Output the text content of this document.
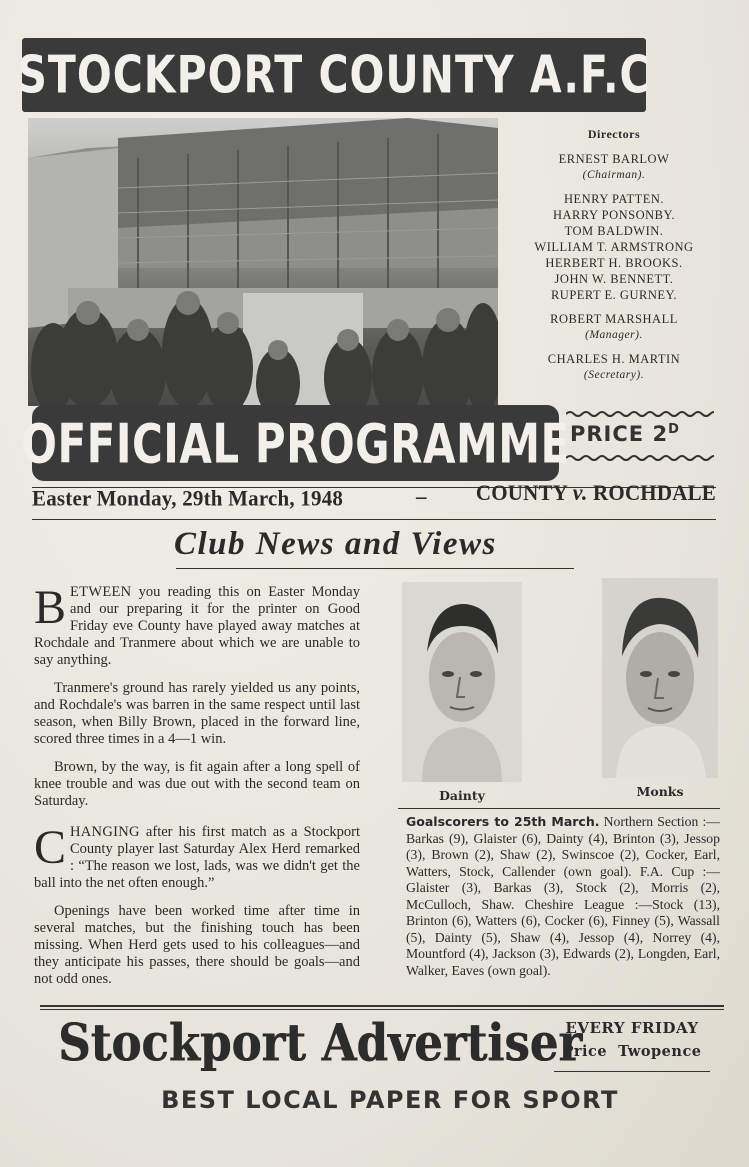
STOCKPORT COUNTY A.F.C
Directors
ERNEST BARLOW
(Chairman).
HENRY PATTEN.
HARRY PONSONBY.
TOM BALDWIN.
WILLIAM T. ARMSTRONG
HERBERT H. BROOKS.
JOHN W. BENNETT.
RUPERT E. GURNEY.
ROBERT MARSHALL
(Manager).
CHARLES H. MARTIN
(Secretary).
OFFICIAL PROGRAMME PRICE $2^D$
Easter Monday, 29th March, 1948	– COUNTY v. ROCHDALE
Club News and Views

BETWEEN you reading this on Easter Monday and our preparing it for the printer on Good Friday eve County have played away matches at Rochdale and Tranmere about which we are unable to say anything.

Tranmere's ground has rarely yielded us any points, and Rochdale's was barren in the same respect until last season, when Billy Brown, placed in the forward line, scored three times in a 4—1 win.

Brown, by the way, is fit again after a long spell of knee trouble and was due out with the second team on Saturday.

CHANGING after his first match as a Stockport County player last Saturday Alex Herd remarked : “The reason we lost, lads, was we didn't get the ball into the net often enough.”

Openings have been worked time after time in several matches, but the finishing touch has been missing. When Herd gets used to his colleagues—and they anticipate his passes, there should be goals—and not odd ones.

Dainty	Monks
Goalscorers to 25th March. Northern Section :—Barkas (9), Glaister (6), Dainty (4), Brinton (3), Jessop (3), Brown (2), Shaw (2), Swinscoe (2), Cocker, Earl, Watters, Stock, Callender (own goal). F.A. Cup :—Glaister (3), Barkas (3), Stock (2), Morris (2), McCulloch, Shaw. Cheshire League :—Stock (13), Brinton (6), Watters (6), Cocker (6), Finney (5), Wassall (5), Dainty (5), Shaw (4), Jessop (4), Norrey (4), Mountford (4), Jackson (3), Edwards (2), Longden, Earl, Walker, Eaves (own goal).
Stockport Advertiser
EVERY FRIDAY
Price  Twopence
BEST LOCAL PAPER FOR SPORT
